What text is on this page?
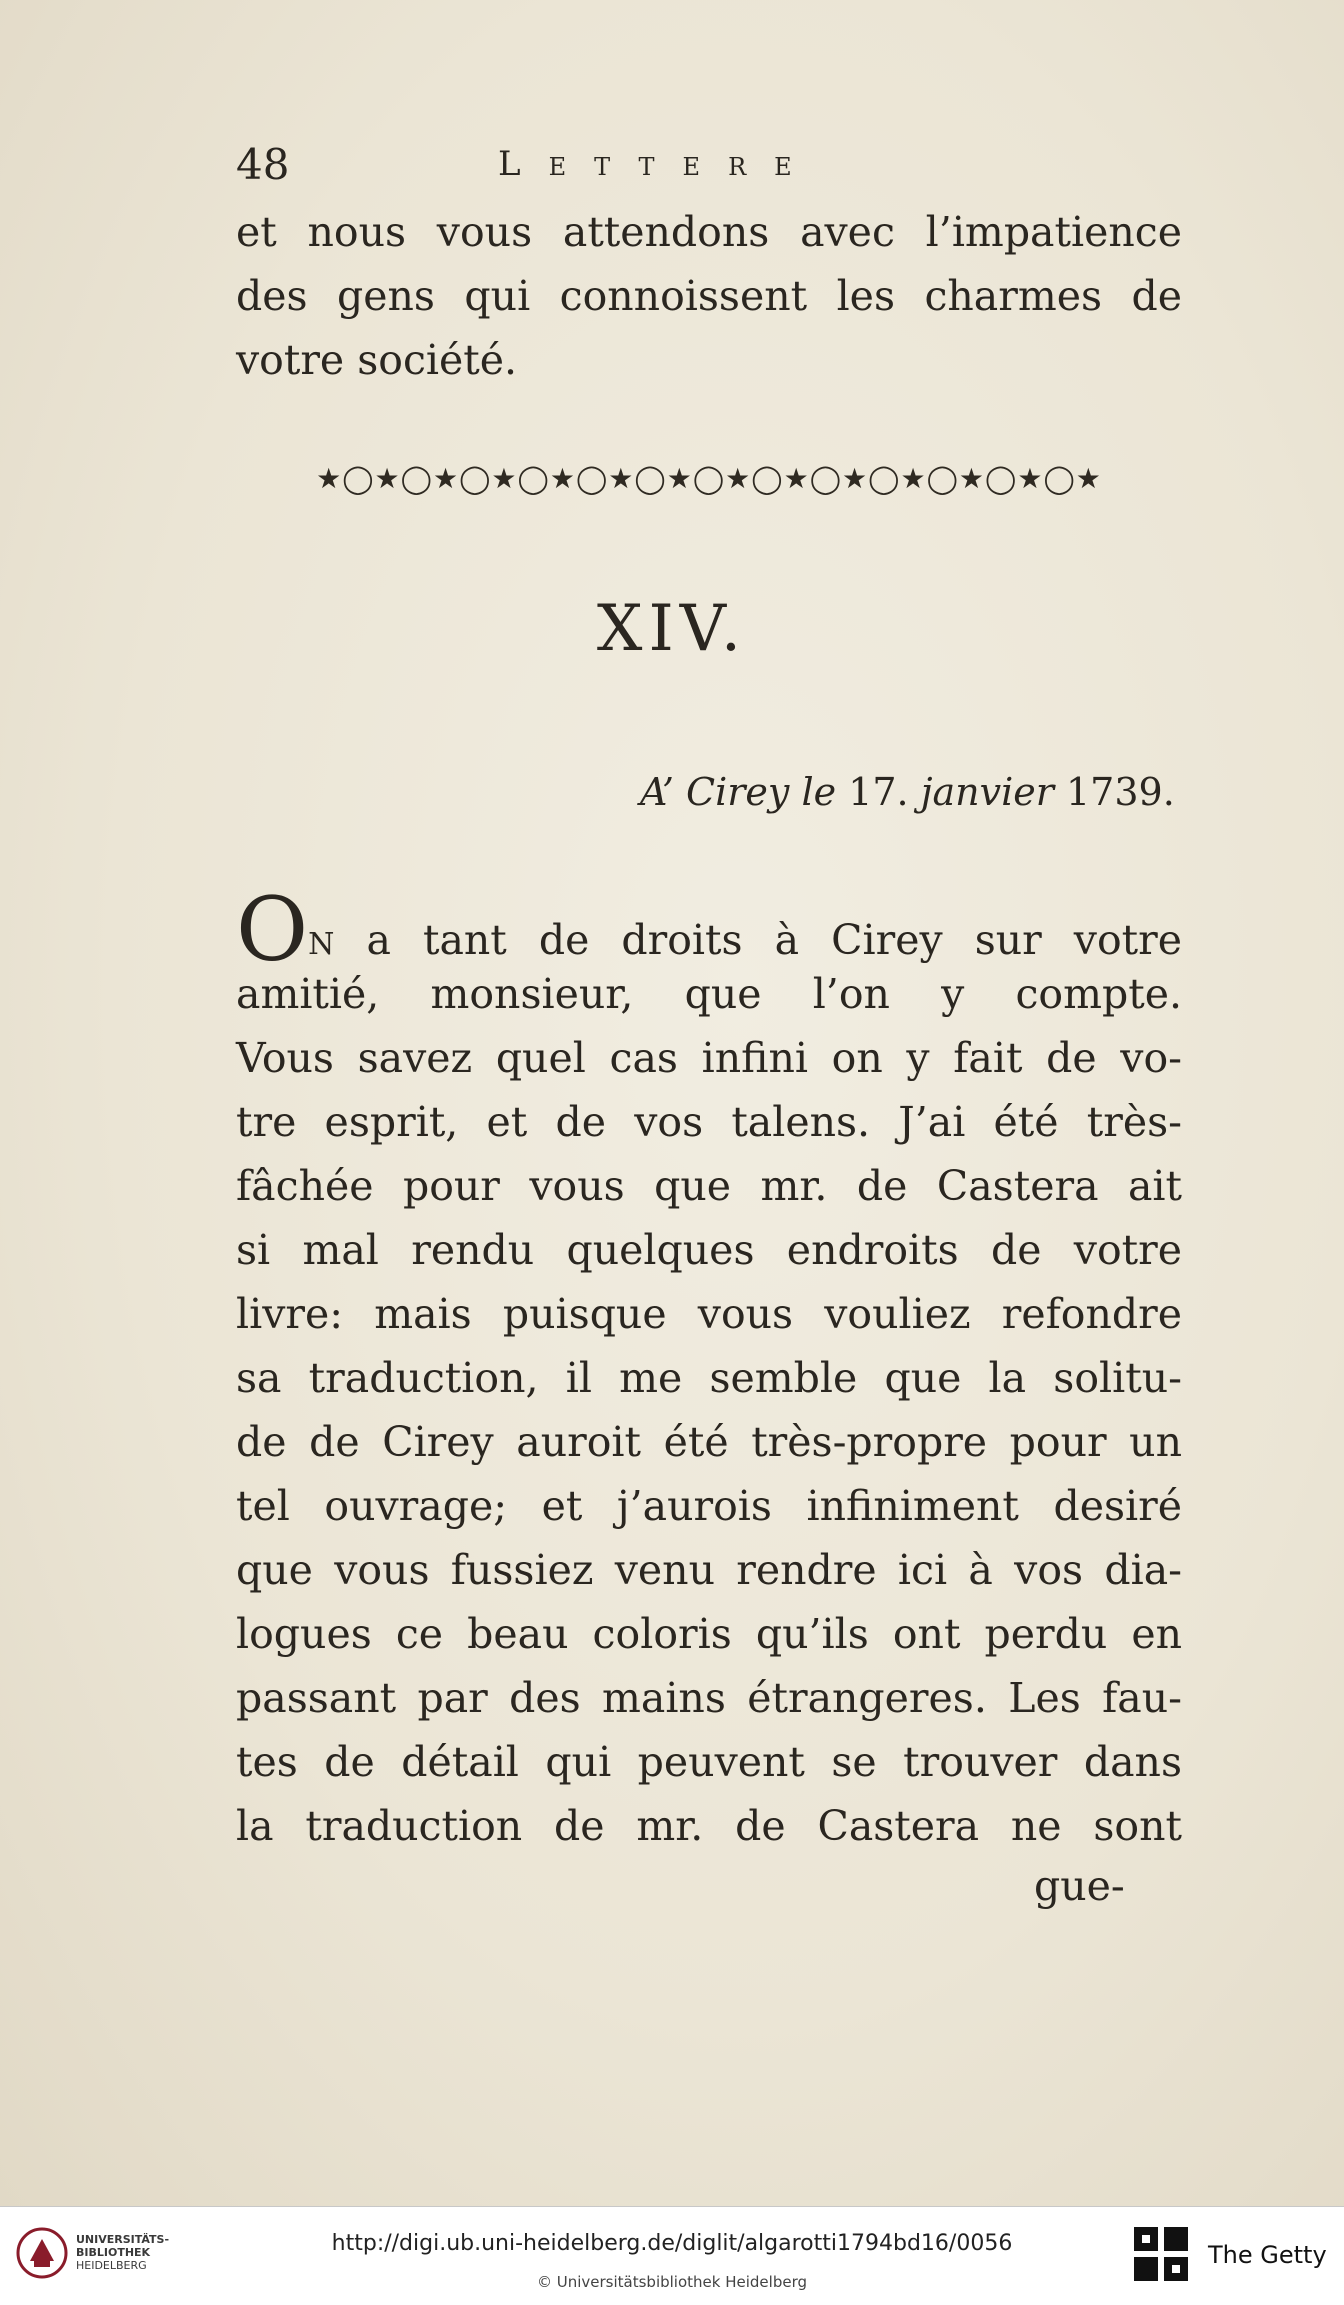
48	Lettere
et nous vous attendons avec l’impatience
des gens qui connoissent les charmes de
votre société.
★◯★◯★◯★◯★◯★◯★◯★◯★◯★◯★◯★◯★◯★
XIV.
A’ Cirey le 17. janvier 1739.
ON a tant de droits à Cirey sur votre
amitié, monsieur, que l’on y compte.
Vous savez quel cas infini on y fait de vo-
tre esprit, et de vos talens. J’ai été très-
fâchée pour vous que mr. de Castera ait
si mal rendu quelques endroits de votre
livre: mais puisque vous vouliez refondre
sa traduction, il me semble que la solitu-
de de Cirey auroit été très-propre pour un
tel ouvrage; et j’aurois infiniment desiré
que vous fussiez venu rendre ici à vos dia-
logues ce beau coloris qu’ils ont perdu en
passant par des mains étrangeres. Les fau-
tes de détail qui peuvent se trouver dans
la traduction de mr. de Castera ne sont
gue-
UNIVERSITÄTS-
BIBLIOTHEK
HEIDELBERG
http://digi.ub.uni-heidelberg.de/diglit/algarotti1794bd16/0056
© Universitätsbibliothek Heidelberg
The Getty
